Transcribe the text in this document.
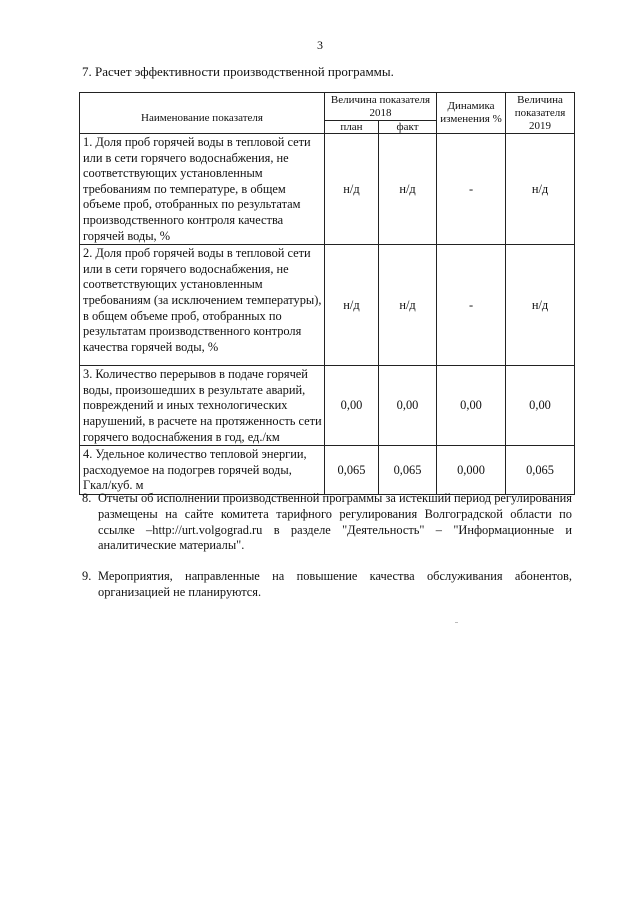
3
7. Расчет эффективности производственной программы.
Наименование показателя	Величина показателя 2018		Динамика изменения %	Величина показателя 2019
	план	факт		
1. Доля проб горячей воды в тепловой сети или в сети горячего водоснабжения, не соответствующих установленным требованиям по температуре, в общем объеме проб, отобранных по результатам производственного контроля качества горячей воды, %	н/д	н/д	-	н/д
2. Доля проб горячей воды в тепловой сети или в сети горячего водоснабжения, не соответствующих установленным требованиям (за исключением температуры), в общем объеме проб, отобранных по результатам производственного контроля качества горячей воды, %	н/д	н/д	-	н/д
3. Количество перерывов в подаче горячей воды, произошедших в результате аварий, повреждений и иных технологических нарушений, в расчете на протяженность сети горячего водоснабжения в год, ед./км	0,00	0,00	0,00	0,00
4. Удельное количество тепловой энергии, расходуемое на подогрев горячей воды, Гкал/куб. м	0,065	0,065	0,000	0,065
8. Отчеты об исполнении производственной программы за истекший период регулирования размещены на сайте комитета тарифного регулирования Волгоградской области по ссылке –http://urt.volgograd.ru в разделе "Деятельность" – "Информационные и аналитические материалы".
9. Мероприятия, направленные на повышение качества обслуживания абонентов, организацией не планируются.
